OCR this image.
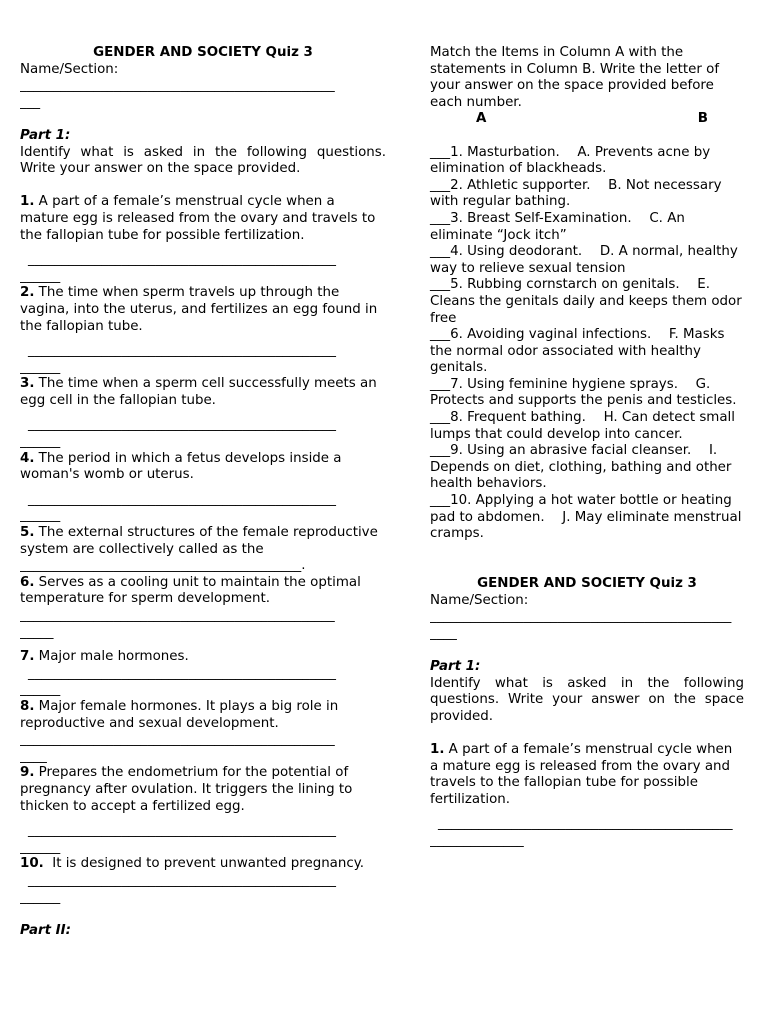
GENDER AND SOCIETY Quiz 3

Name/Section:

_______________________________________________

___

Part 1:

Identify what is asked in the following questions. Write your answer on the space provided.

1. A part of a female’s menstrual cycle when a mature egg is released from the ovary and travels to the fallopian tube for possible fertilization.

______________________________________________

______

2. The time when sperm travels up through the vagina, into the uterus, and fertilizes an egg found in the fallopian tube.

______________________________________________

______

3. The time when a sperm cell successfully meets an egg cell in the fallopian tube.

______________________________________________

______

4. The period in which a fetus develops inside a woman's womb or uterus.

______________________________________________

______

5. The external structures of the female reproductive system are collectively called as the

__________________________________________.

6. Serves as a cooling unit to maintain the optimal temperature for sperm development.

_______________________________________________

_____

7. Major male hormones.

______________________________________________

______

8. Major female hormones. It plays a big role in reproductive and sexual development.

_______________________________________________

____

9. Prepares the endometrium for the potential of pregnancy after ovulation. It triggers the lining to thicken to accept a fertilized egg.

______________________________________________

______

10. It is designed to prevent unwanted pregnancy.

______________________________________________

______

Part II:

Match the Items in Column A with the statements in Column B. Write the letter of your answer on the space provided before each number.

A	B

___1. Masturbation.  A. Prevents acne by elimination of blackheads.

___2. Athletic supporter.  B. Not necessary with regular bathing.

___3. Breast Self-Examination.  C. An eliminate “Jock itch”

___4. Using deodorant.  D. A normal, healthy way to relieve sexual tension

___5. Rubbing cornstarch on genitals.  E. Cleans the genitals daily and keeps them odor free

___6. Avoiding vaginal infections.  F. Masks the normal odor associated with healthy genitals.

___7. Using feminine hygiene sprays.  G. Protects and supports the penis and testicles.

___8. Frequent bathing.  H. Can detect small lumps that could develop into cancer.

___9. Using an abrasive facial cleanser.  I. Depends on diet, clothing, bathing and other health behaviors.

___10. Applying a hot water bottle or heating pad to abdomen.  J. May eliminate menstrual cramps.

GENDER AND SOCIETY Quiz 3

Name/Section:

_____________________________________________

____

Part 1:

Identify what is asked in the following questions. Write your answer on the space provided.

1. A part of a female’s menstrual cycle when a mature egg is released from the ovary and travels to the fallopian tube for possible fertilization.

____________________________________________

______________
